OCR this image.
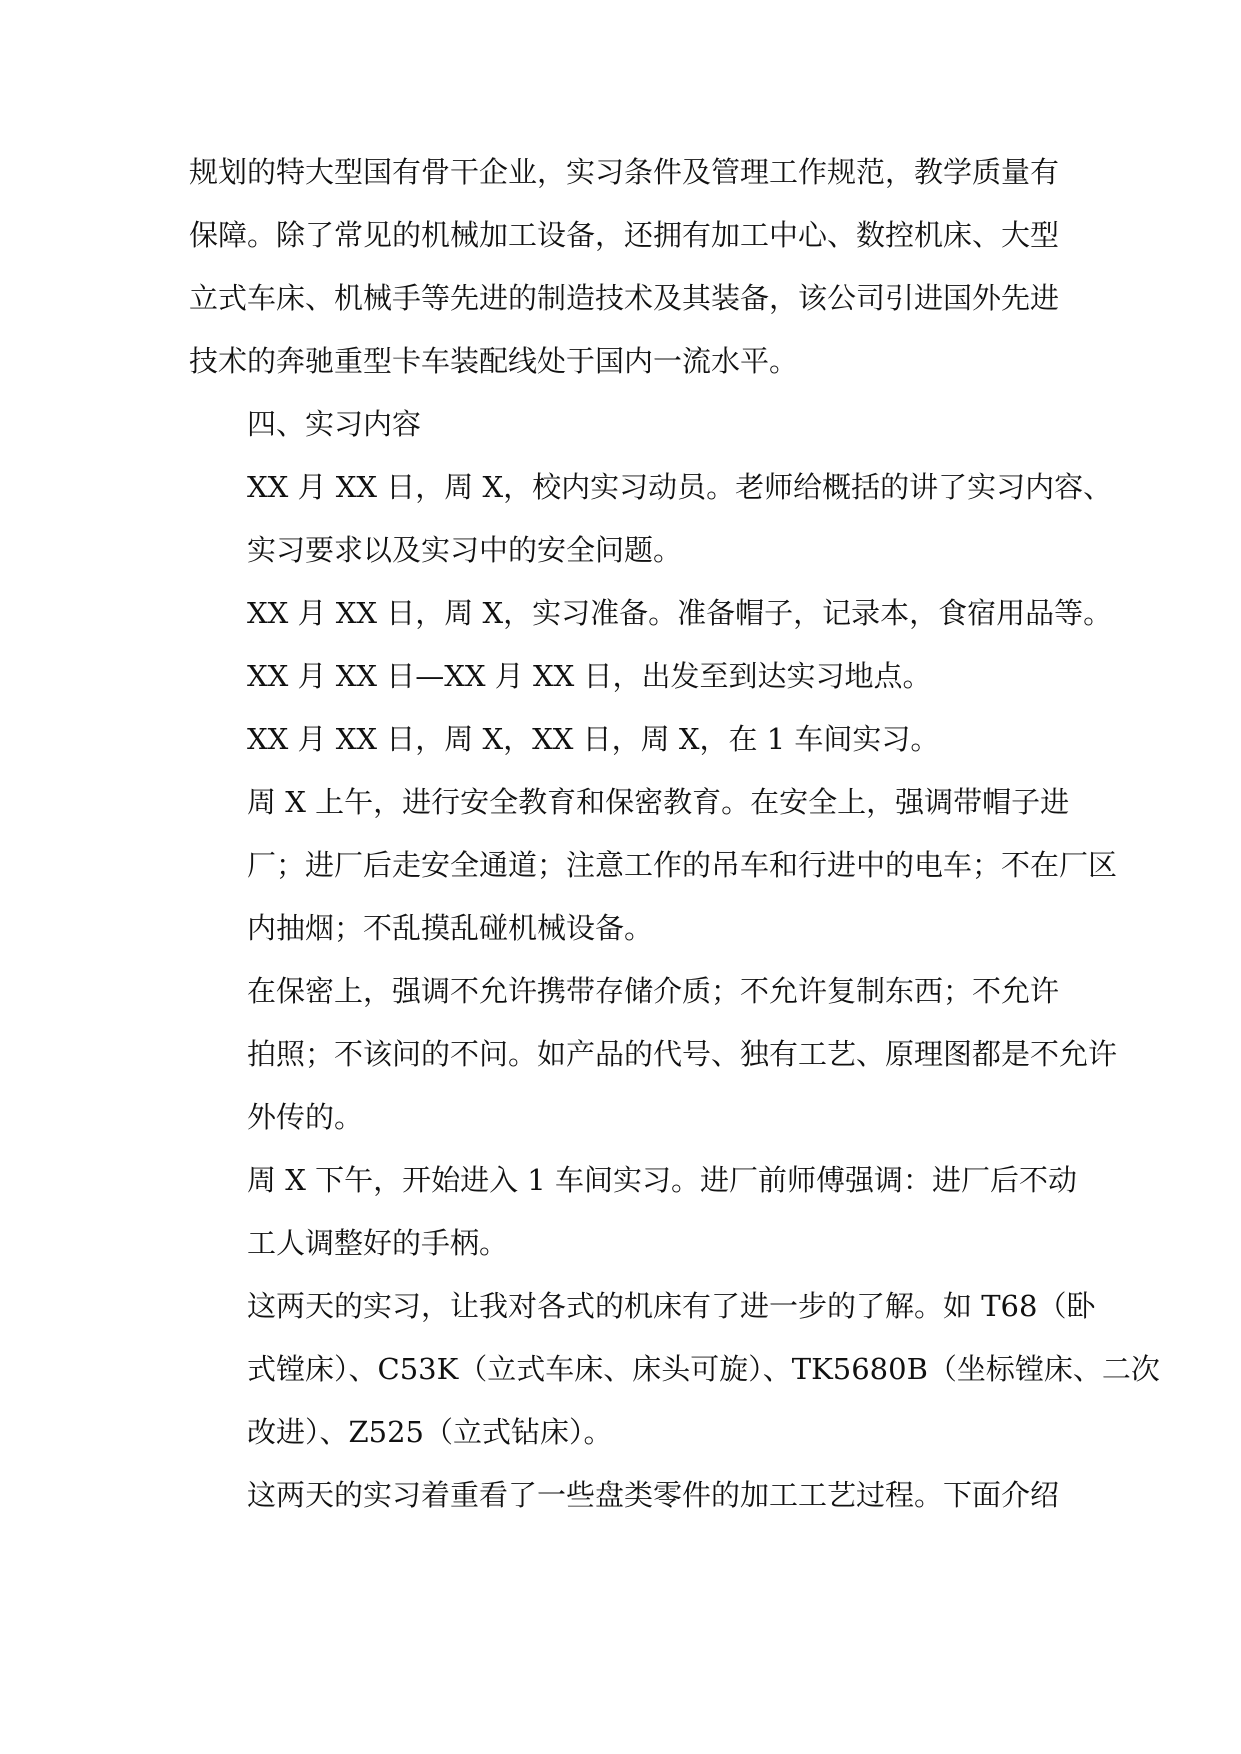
规划的特大型国有骨干企业，实习条件及管理工作规范，教学质量有
保障。除了常见的机械加工设备，还拥有加工中心、数控机床、大型
立式车床、机械手等先进的制造技术及其装备，该公司引进国外先进
技术的奔驰重型卡车装配线处于国内一流水平。

四、实习内容

XX 月 XX 日，周 X，校内实习动员。老师给概括的讲了实习内容、
实习要求以及实习中的安全问题。

XX 月 XX 日，周 X，实习准备。准备帽子，记录本，食宿用品等。

XX 月 XX 日—XX 月 XX 日，出发至到达实习地点。

XX 月 XX 日，周 X，XX 日，周 X，在 1 车间实习。

周 X 上午，进行安全教育和保密教育。在安全上，强调带帽子进
厂；进厂后走安全通道；注意工作的吊车和行进中的电车；不在厂区
内抽烟；不乱摸乱碰机械设备。

在保密上，强调不允许携带存储介质；不允许复制东西；不允许
拍照；不该问的不问。如产品的代号、独有工艺、原理图都是不允许
外传的。

周 X 下午，开始进入 1 车间实习。进厂前师傅强调：进厂后不动
工人调整好的手柄。

这两天的实习，让我对各式的机床有了进一步的了解。如 T68（卧
式镗床）、C53K（立式车床、床头可旋）、TK5680B（坐标镗床、二次
改进）、Z525（立式钻床）。

这两天的实习着重看了一些盘类零件的加工工艺过程。下面介绍
